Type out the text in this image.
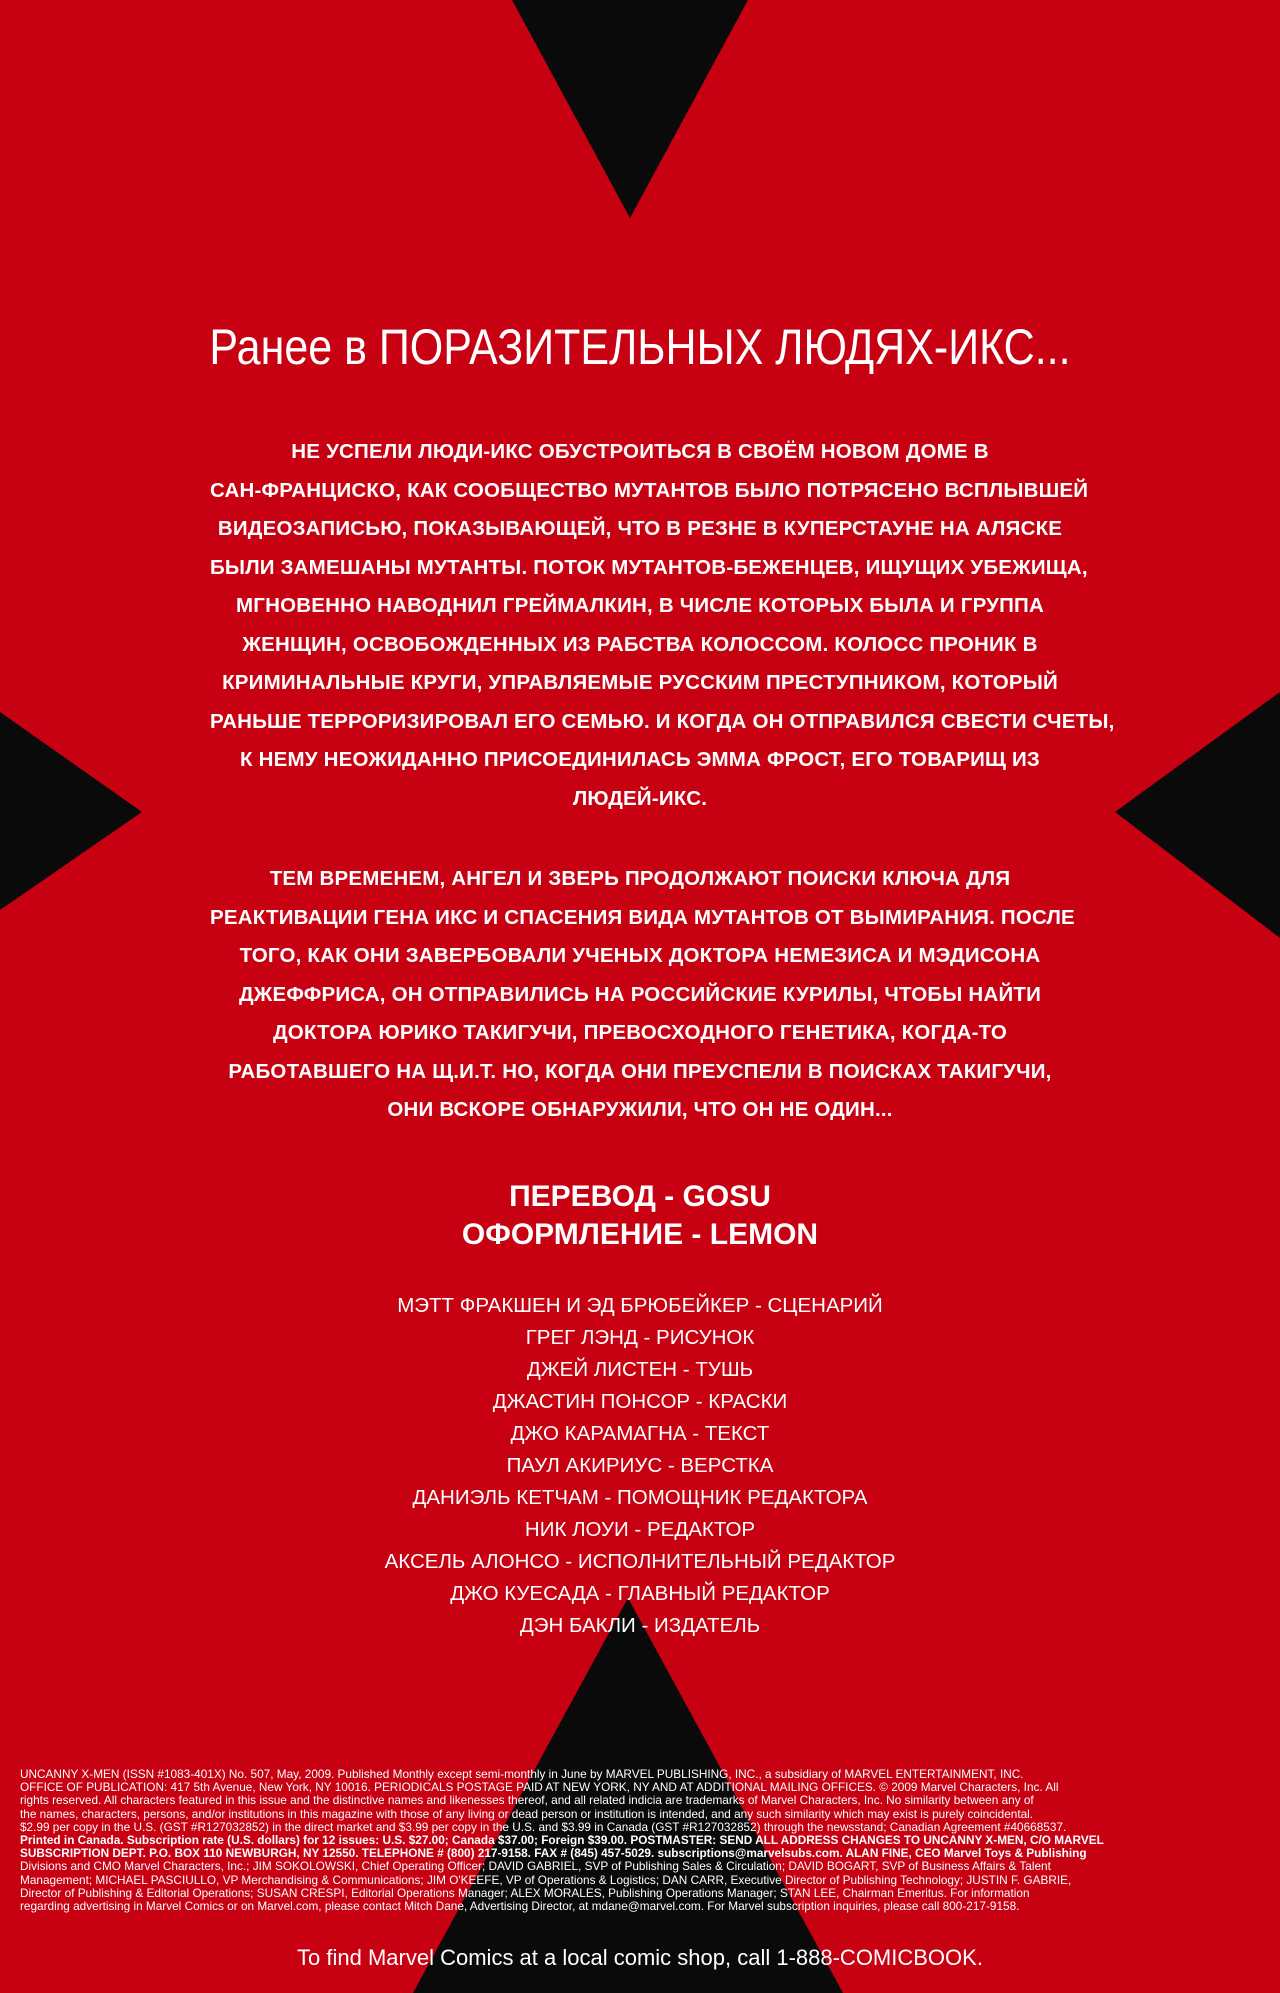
Ранее в ПОРАЗИТЕЛЬНЫХ ЛЮДЯХ-ИКС...
НЕ УСПЕЛИ ЛЮДИ-ИКС ОБУСТРОИТЬСЯ В СВОЁМ НОВОМ ДОМЕ В
САН-ФРАНЦИСКО, КАК СООБЩЕСТВО МУТАНТОВ БЫЛО ПОТРЯСЕНО ВСПЛЫВШЕЙ
ВИДЕОЗАПИСЬЮ, ПОКАЗЫВАЮЩЕЙ, ЧТО В РЕЗНЕ В КУПЕРСТАУНЕ НА АЛЯСКЕ
БЫЛИ ЗАМЕШАНЫ МУТАНТЫ. ПОТОК МУТАНТОВ-БЕЖЕНЦЕВ, ИЩУЩИХ УБЕЖИЩА,
МГНОВЕННО НАВОДНИЛ ГРЕЙМАЛКИН, В ЧИСЛЕ КОТОРЫХ БЫЛА И ГРУППА
ЖЕНЩИН, ОСВОБОЖДЕННЫХ ИЗ РАБСТВА КОЛОССОМ. КОЛОСС ПРОНИК В
КРИМИНАЛЬНЫЕ КРУГИ, УПРАВЛЯЕМЫЕ РУССКИМ ПРЕСТУПНИКОМ, КОТОРЫЙ
РАНЬШЕ ТЕРРОРИЗИРОВАЛ ЕГО СЕМЬЮ. И КОГДА ОН ОТПРАВИЛСЯ СВЕСТИ СЧЕТЫ,
К НЕМУ НЕОЖИДАННО ПРИСОЕДИНИЛАСЬ ЭММА ФРОСТ, ЕГО ТОВАРИЩ ИЗ
ЛЮДЕЙ-ИКС.
ТЕМ ВРЕМЕНЕМ, АНГЕЛ И ЗВЕРЬ ПРОДОЛЖАЮТ ПОИСКИ КЛЮЧА ДЛЯ
РЕАКТИВАЦИИ ГЕНА ИКС И СПАСЕНИЯ ВИДА МУТАНТОВ ОТ ВЫМИРАНИЯ. ПОСЛЕ
ТОГО, КАК ОНИ ЗАВЕРБОВАЛИ УЧЕНЫХ ДОКТОРА НЕМЕЗИСА И МЭДИСОНА
ДЖЕФФРИСА, ОН ОТПРАВИЛИСЬ НА РОССИЙСКИЕ КУРИЛЫ, ЧТОБЫ НАЙТИ
ДОКТОРА ЮРИКО ТАКИГУЧИ, ПРЕВОСХОДНОГО ГЕНЕТИКА, КОГДА-ТО
РАБОТАВШЕГО НА Щ.И.Т. НО, КОГДА ОНИ ПРЕУСПЕЛИ В ПОИСКАХ ТАКИГУЧИ,
ОНИ ВСКОРЕ ОБНАРУЖИЛИ, ЧТО ОН НЕ ОДИН...
ПЕРЕВОД - GOSU
ОФОРМЛЕНИЕ - LEMON
МЭТТ ФРАКШЕН И ЭД БРЮБЕЙКЕР - СЦЕНАРИЙ
ГРЕГ ЛЭНД - РИСУНОК
ДЖЕЙ ЛИСТЕН - ТУШЬ
ДЖАСТИН ПОНСОР - КРАСКИ
ДЖО КАРАМАГНА - ТЕКСТ
ПАУЛ АКИРИУС - ВЕРСТКА
ДАНИЭЛЬ КЕТЧАМ - ПОМОЩНИК РЕДАКТОРА
НИК ЛОУИ - РЕДАКТОР
АКСЕЛЬ АЛОНСО - ИСПОЛНИТЕЛЬНЫЙ РЕДАКТОР
ДЖО КУЕСАДА - ГЛАВНЫЙ РЕДАКТОР
ДЭН БАКЛИ - ИЗДАТЕЛЬ
UNCANNY X-MEN (ISSN #1083-401X) No. 507, May, 2009. Published Monthly except semi-monthly in June by MARVEL PUBLISHING, INC., a subsidiary of MARVEL ENTERTAINMENT, INC.
OFFICE OF PUBLICATION: 417 5th Avenue, New York, NY 10016. PERIODICALS POSTAGE PAID AT NEW YORK, NY AND AT ADDITIONAL MAILING OFFICES. © 2009 Marvel Characters, Inc. All
rights reserved. All characters featured in this issue and the distinctive names and likenesses thereof, and all related indicia are trademarks of Marvel Characters, Inc. No similarity between any of
the names, characters, persons, and/or institutions in this magazine with those of any living or dead person or institution is intended, and any such similarity which may exist is purely coincidental.
$2.99 per copy in the U.S. (GST #R127032852) in the direct market and $3.99 per copy in the U.S. and $3.99 in Canada (GST #R127032852) through the newsstand; Canadian Agreement #40668537.
Printed in Canada. Subscription rate (U.S. dollars) for 12 issues: U.S. $27.00; Canada $37.00; Foreign $39.00. POSTMASTER: SEND ALL ADDRESS CHANGES TO UNCANNY X-MEN, C/O MARVEL
SUBSCRIPTION DEPT. P.O. BOX 110 NEWBURGH, NY 12550. TELEPHONE # (800) 217-9158. FAX # (845) 457-5029. subscriptions@marvelsubs.com. ALAN FINE, CEO Marvel Toys & Publishing
Divisions and CMO Marvel Characters, Inc.; JIM SOKOLOWSKI, Chief Operating Officer; DAVID GABRIEL, SVP of Publishing Sales & Circulation; DAVID BOGART, SVP of Business Affairs & Talent
Management; MICHAEL PASCIULLO, VP Merchandising & Communications; JIM O'KEEFE, VP of Operations & Logistics; DAN CARR, Executive Director of Publishing Technology; JUSTIN F. GABRIE,
Director of Publishing & Editorial Operations; SUSAN CRESPI, Editorial Operations Manager; ALEX MORALES, Publishing Operations Manager; STAN LEE, Chairman Emeritus. For information
regarding advertising in Marvel Comics or on Marvel.com, please contact Mitch Dane, Advertising Director, at mdane@marvel.com. For Marvel subscription inquiries, please call 800-217-9158.
To find Marvel Comics at a local comic shop, call 1-888-COMICBOOK.
